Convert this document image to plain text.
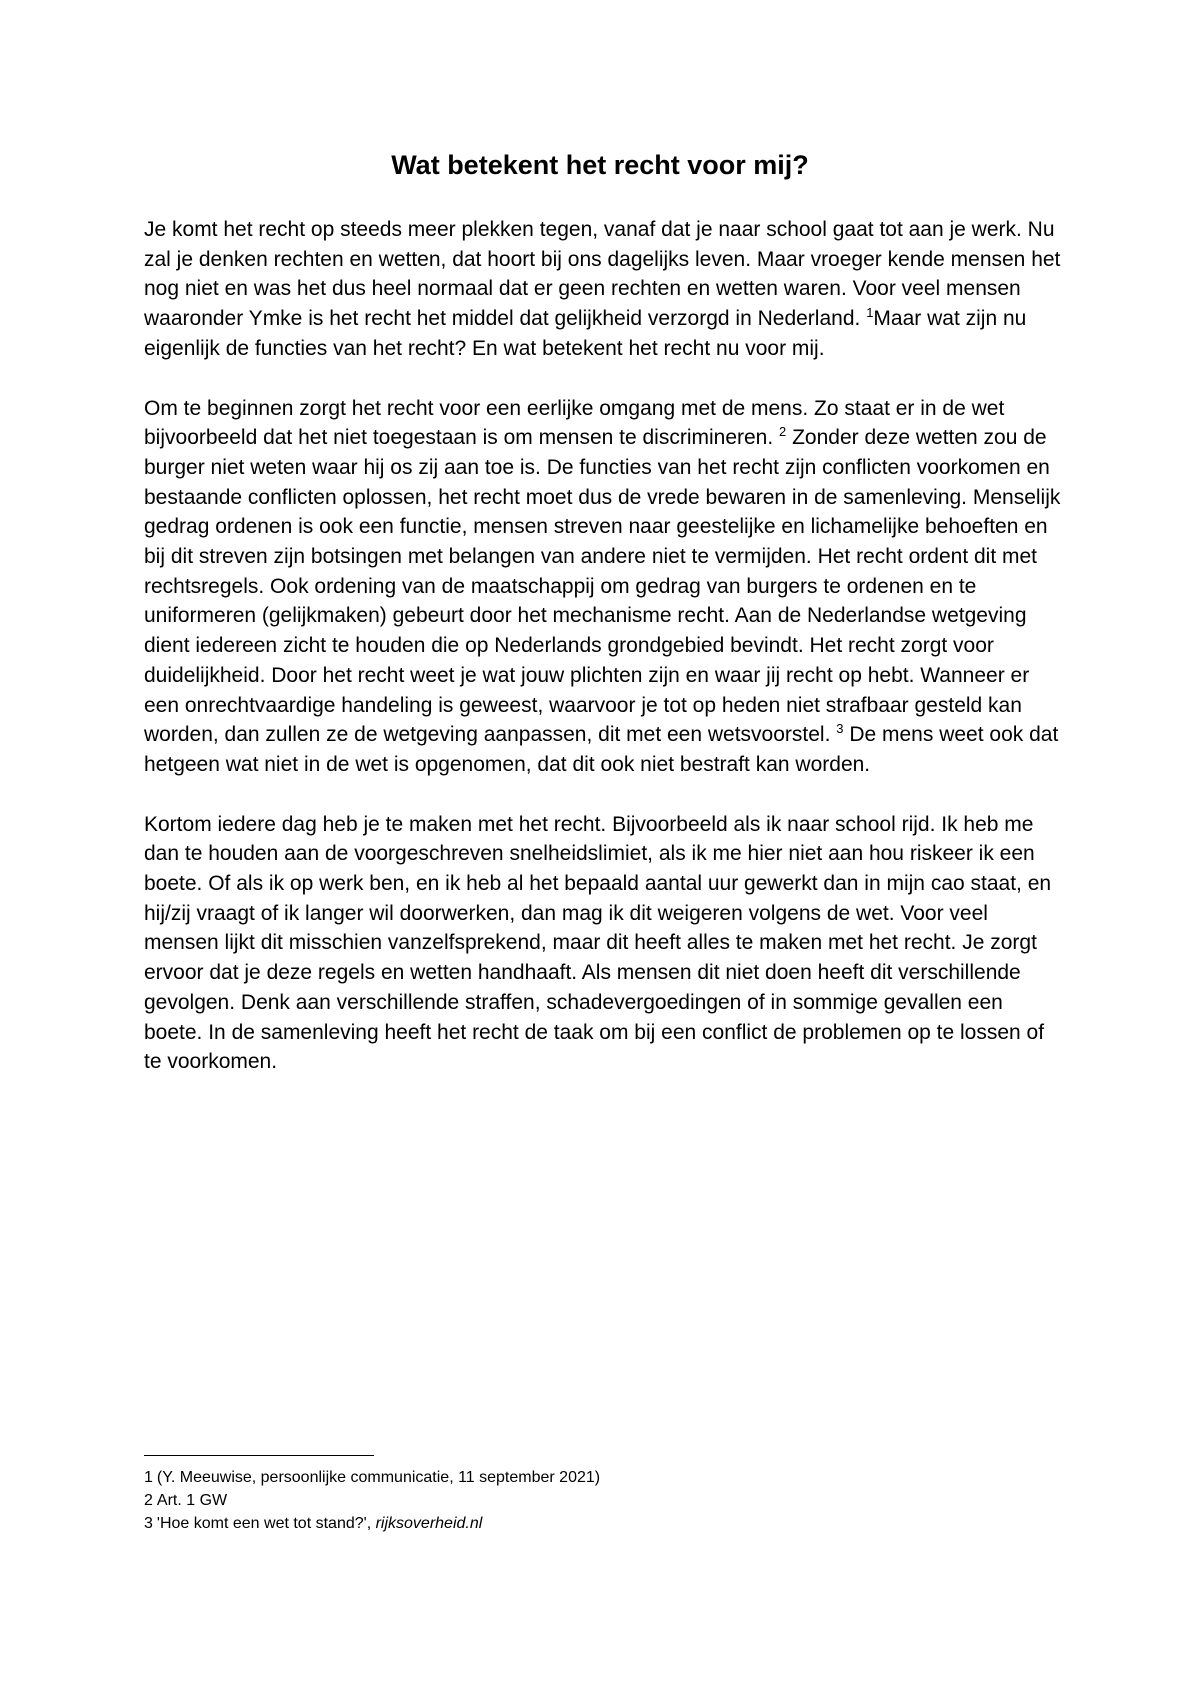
Wat betekent het recht voor mij?

Je komt het recht op steeds meer plekken tegen, vanaf dat je naar school gaat tot aan je werk. Nu zal je denken rechten en wetten, dat hoort bij ons dagelijks leven. Maar vroeger kende mensen het nog niet en was het dus heel normaal dat er geen rechten en wetten waren. Voor veel mensen waaronder Ymke is het recht het middel dat gelijkheid verzorgd in Nederland. $^1$Maar wat zijn nu eigenlijk de functies van het recht? En wat betekent het recht nu voor mij.

Om te beginnen zorgt het recht voor een eerlijke omgang met de mens. Zo staat er in de wet bijvoorbeeld dat het niet toegestaan is om mensen te discrimineren. $^2$ Zonder deze wetten zou de burger niet weten waar hij os zij aan toe is. De functies van het recht zijn conflicten voorkomen en bestaande conflicten oplossen, het recht moet dus de vrede bewaren in de samenleving. Menselijk gedrag ordenen is ook een functie, mensen streven naar geestelijke en lichamelijke behoeften en bij dit streven zijn botsingen met belangen van andere niet te vermijden. Het recht ordent dit met rechtsregels. Ook ordening van de maatschappij om gedrag van burgers te ordenen en te uniformeren (gelijkmaken) gebeurt door het mechanisme recht. Aan de Nederlandse wetgeving dient iedereen zicht te houden die op Nederlands grondgebied bevindt. Het recht zorgt voor duidelijkheid. Door het recht weet je wat jouw plichten zijn en waar jij recht op hebt. Wanneer er een onrechtvaardige handeling is geweest, waarvoor je tot op heden niet strafbaar gesteld kan worden, dan zullen ze de wetgeving aanpassen, dit met een wetsvoorstel. $^3$ De mens weet ook dat hetgeen wat niet in de wet is opgenomen, dat dit ook niet bestraft kan worden.

Kortom iedere dag heb je te maken met het recht. Bijvoorbeeld als ik naar school rijd. Ik heb me dan te houden aan de voorgeschreven snelheidslimiet, als ik me hier niet aan hou riskeer ik een boete. Of als ik op werk ben, en ik heb al het bepaald aantal uur gewerkt dan in mijn cao staat, en hij/zij vraagt of ik langer wil doorwerken, dan mag ik dit weigeren volgens de wet. Voor veel mensen lijkt dit misschien vanzelfsprekend, maar dit heeft alles te maken met het recht. Je zorgt ervoor dat je deze regels en wetten handhaaft. Als mensen dit niet doen heeft dit verschillende gevolgen. Denk aan verschillende straffen, schadevergoedingen of in sommige gevallen een boete. In de samenleving heeft het recht de taak om bij een conflict de problemen op te lossen of te voorkomen.

1 (Y. Meeuwise, persoonlijke communicatie, 11 september 2021)

2 Art. 1 GW

3 'Hoe komt een wet tot stand?', rijksoverheid.nl
